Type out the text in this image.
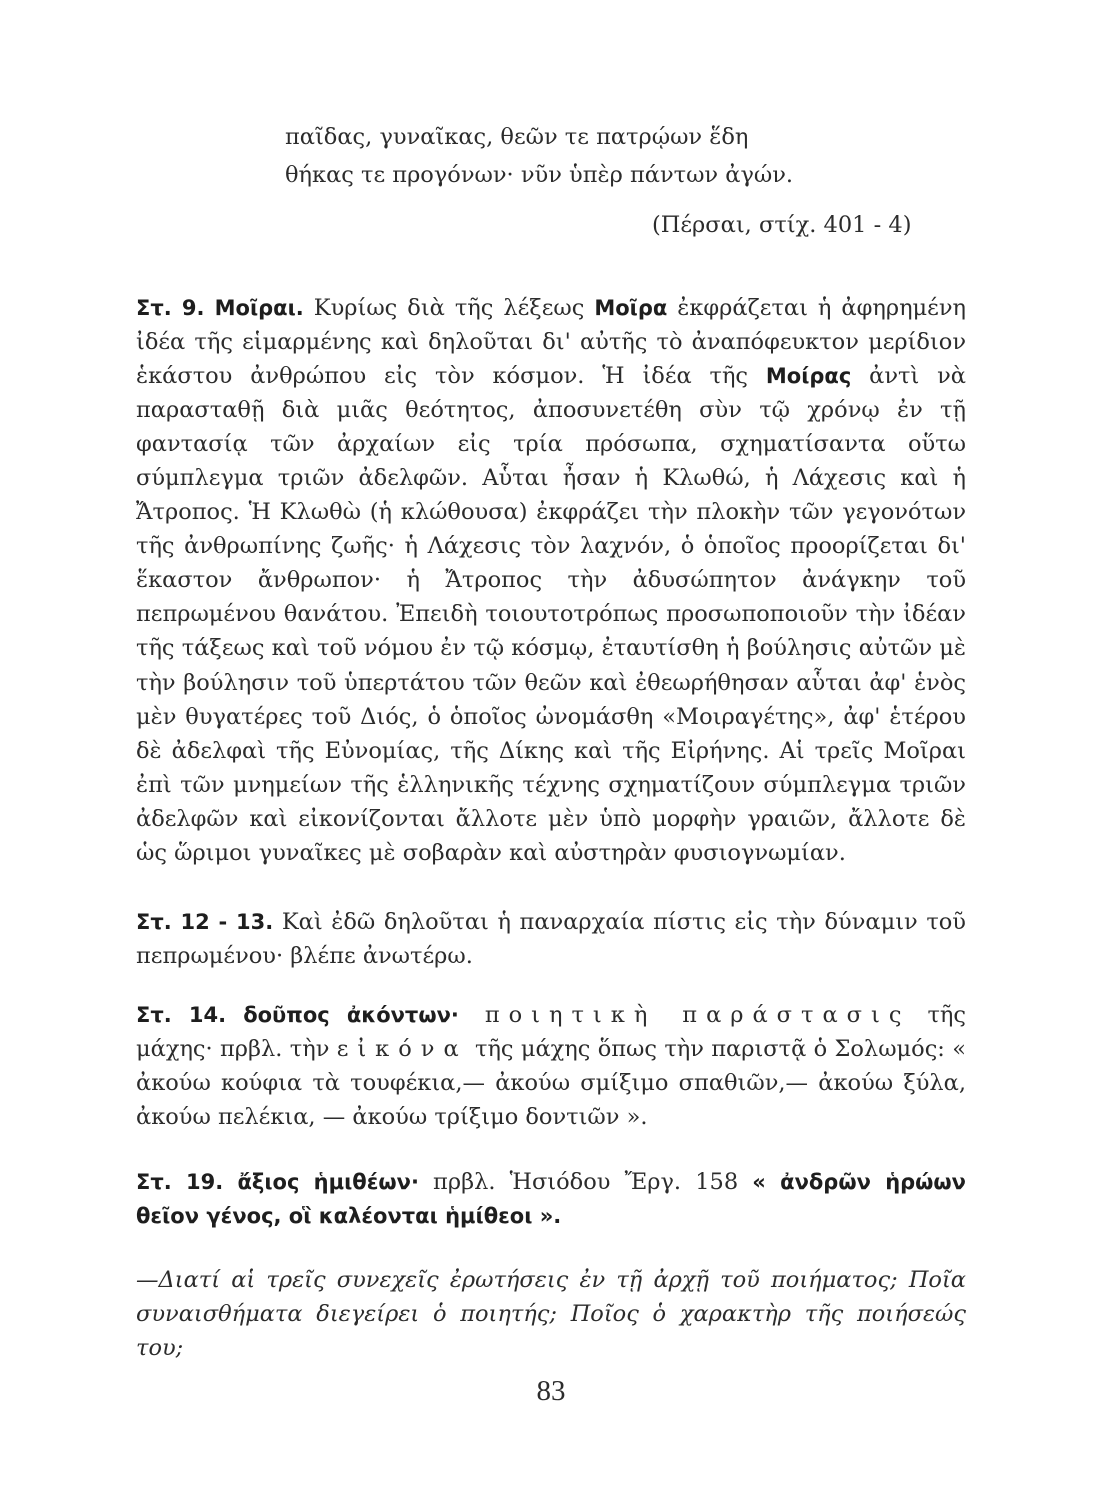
παῖδας, γυναῖκας, θεῶν τε πατρῴων ἕδη
θήκας τε προγόνων· νῦν ὑπὲρ πάντων ἀγών.
(Πέρσαι, στίχ. 401 - 4)

Στ. 9. Μοῖραι. Κυρίως διὰ τῆς λέξεως Μοῖρα ἐκφράζεται ἡ ἀφηρημένη ἰδέα τῆς εἱμαρμένης καὶ δηλοῦται δι' αὐτῆς τὸ ἀναπόφευκτον μερίδιον ἑκάστου ἀνθρώπου εἰς τὸν κόσμον. Ἡ ἰδέα τῆς Μοίρας ἀντὶ νὰ παρασταθῇ διὰ μιᾶς θεότητος, ἀποσυνετέθη σὺν τῷ χρόνῳ ἐν τῇ φαντασίᾳ τῶν ἀρχαίων εἰς τρία πρόσωπα, σχηματίσαντα οὕτω σύμπλεγμα τριῶν ἀδελφῶν. Αὗται ἦσαν ἡ Κλωθώ, ἡ Λάχεσις καὶ ἡ Ἄτροπος. Ἡ Κλωθὼ (ἡ κλώθουσα) ἐκφράζει τὴν πλοκὴν τῶν γεγονότων τῆς ἀνθρωπίνης ζωῆς· ἡ Λάχεσις τὸν λαχνόν, ὁ ὁποῖος προορίζεται δι' ἕκαστον ἄνθρωπον· ἡ Ἄτροπος τὴν ἀδυσώπητον ἀνάγκην τοῦ πεπρωμένου θανάτου. Ἐπειδὴ τοιουτοτρόπως προσωποποιοῦν τὴν ἰδέαν τῆς τάξεως καὶ τοῦ νόμου ἐν τῷ κόσμῳ, ἐταυτίσθη ἡ βούλησις αὐτῶν μὲ τὴν βούλησιν τοῦ ὑπερτάτου τῶν θεῶν καὶ ἐθεωρήθησαν αὗται ἀφ' ἑνὸς μὲν θυγατέρες τοῦ Διός, ὁ ὁποῖος ὠνομάσθη «Μοιραγέτης», ἀφ' ἑτέρου δὲ ἀδελφαὶ τῆς Εὐνομίας, τῆς Δίκης καὶ τῆς Εἰρήνης. Αἱ τρεῖς Μοῖραι ἐπὶ τῶν μνημείων τῆς ἑλληνικῆς τέχνης σχηματίζουν σύμπλεγμα τριῶν ἀδελφῶν καὶ εἰκονίζονται ἄλλοτε μὲν ὑπὸ μορφὴν γραιῶν, ἄλλοτε δὲ ὡς ὥριμοι γυναῖκες μὲ σοβαρὰν καὶ αὐστηρὰν φυσιογνωμίαν.

Στ. 12 - 13. Καὶ ἐδῶ δηλοῦται ἡ παναρχαία πίστις εἰς τὴν δύναμιν τοῦ πεπρωμένου· βλέπε ἀνωτέρω.

Στ. 14. δοῦπος ἀκόντων· ποιητικὴ παράστασις τῆς μάχης· πρβλ. τὴν εἰκόνα τῆς μάχης ὅπως τὴν παριστᾷ ὁ Σολωμός: « ἀκούω κούφια τὰ τουφέκια,— ἀκούω σμίξιμο σπαθιῶν,— ἀκούω ξύλα, ἀκούω πελέκια, — ἀκούω τρίξιμο δοντιῶν ».

Στ. 19. ἄξιος ἡμιθέων· πρβλ. Ἡσιόδου Ἔργ. 158 « ἀνδρῶν ἡρώων θεῖον γένος, οἳ καλέονται ἡμίθεοι ».

—Διατί αἱ τρεῖς συνεχεῖς ἐρωτήσεις ἐν τῇ ἀρχῇ τοῦ ποιήματος; Ποῖα συναισθήματα διεγείρει ὁ ποιητής; Ποῖος ὁ χαρακτὴρ τῆς ποιήσεώς του;

83
